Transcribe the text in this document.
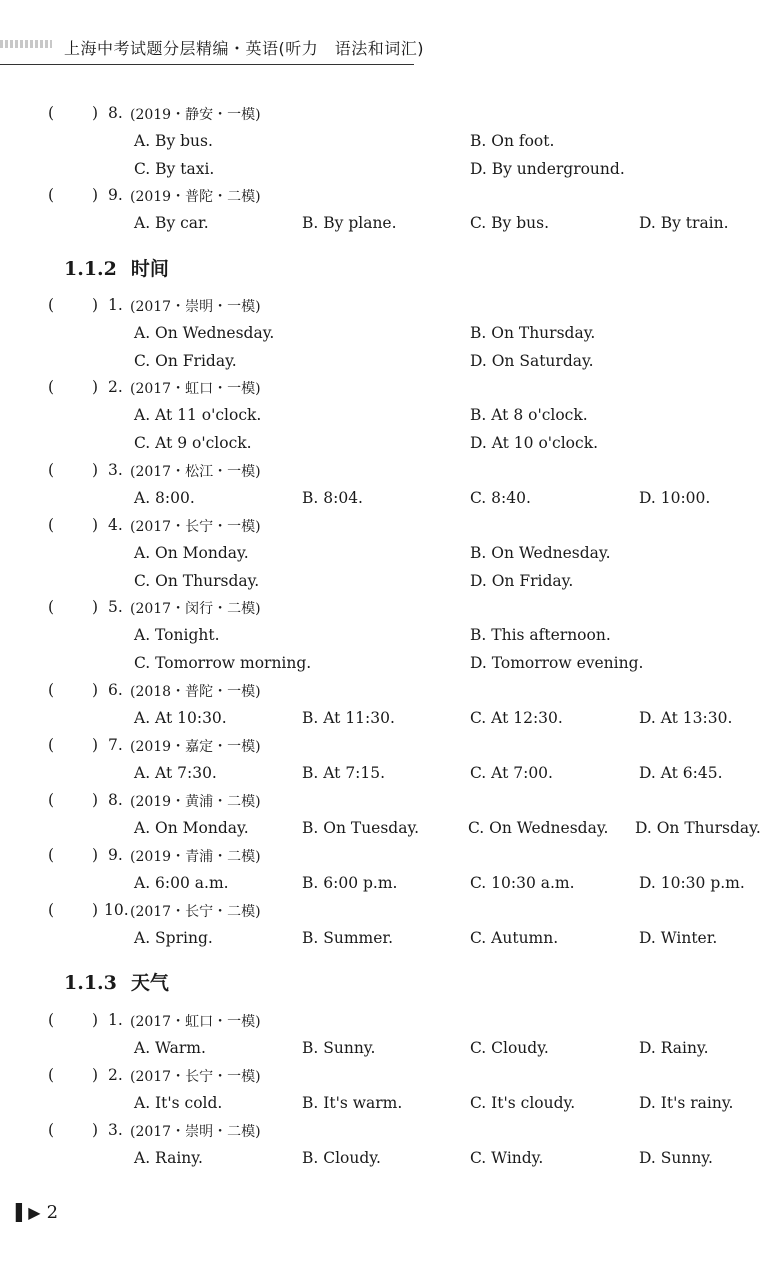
上海中考试题分层精编・英语(听力　语法和词汇)
( ) 8. (2019・静安・一模)
A. By bus.	B. On foot.
C. By taxi.	D. By underground.
( ) 9. (2019・普陀・二模)
A. By car.	B. By plane.	C. By bus.	D. By train.
1.1.2 时间
( ) 1. (2017・崇明・一模)
A. On Wednesday.	B. On Thursday.
C. On Friday.	D. On Saturday.
( ) 2. (2017・虹口・一模)
A. At 11 o'clock.	B. At 8 o'clock.
C. At 9 o'clock.	D. At 10 o'clock.
( ) 3. (2017・松江・一模)
A. 8:00.	B. 8:04.	C. 8:40.	D. 10:00.
( ) 4. (2017・长宁・一模)
A. On Monday.	B. On Wednesday.
C. On Thursday.	D. On Friday.
( ) 5. (2017・闵行・二模)
A. Tonight.	B. This afternoon.
C. Tomorrow morning.	D. Tomorrow evening.
( ) 6. (2018・普陀・一模)
A. At 10:30.	B. At 11:30.	C. At 12:30.	D. At 13:30.
( ) 7. (2019・嘉定・一模)
A. At 7:30.	B. At 7:15.	C. At 7:00.	D. At 6:45.
( ) 8. (2019・黄浦・二模)
A. On Monday.	B. On Tuesday.	C. On Wednesday. D. On Thursday.
( ) 9. (2019・青浦・二模)
A. 6:00 a.m.	B. 6:00 p.m.	C. 10:30 a.m.	D. 10:30 p.m.
( ) 10. (2017・长宁・二模)
A. Spring.	B. Summer.	C. Autumn.	D. Winter.
1.1.3 天气
( ) 1. (2017・虹口・一模)
A. Warm.	B. Sunny.	C. Cloudy.	D. Rainy.
( ) 2. (2017・长宁・一模)
A. It's cold.	B. It's warm.	C. It's cloudy.	D. It's rainy.
( ) 3. (2017・崇明・二模)
A. Rainy.	B. Cloudy.	C. Windy.	D. Sunny.
▌▶ 2
